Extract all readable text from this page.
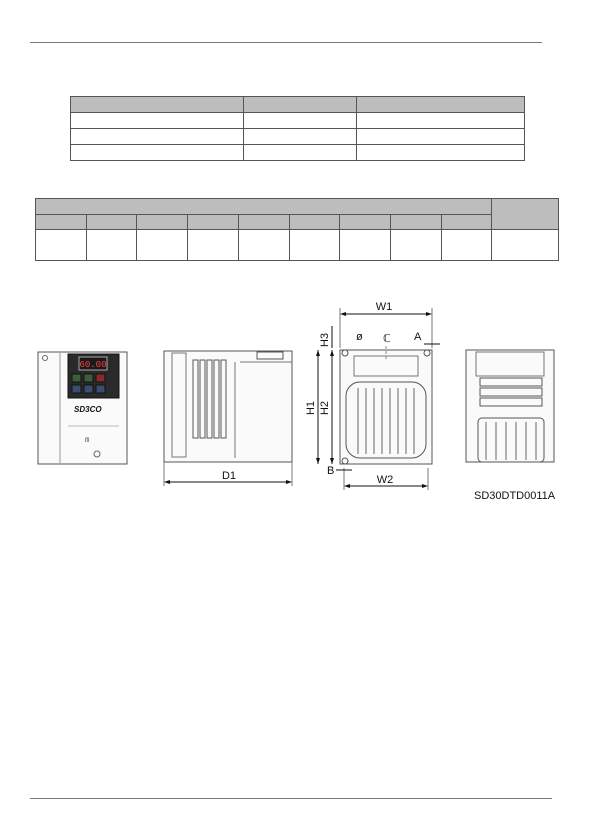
60.00
SD3CO
ᗰ
D1
W1
H1 H2
H3 ø ℂ A
W2
B
SD30DTD0011A
